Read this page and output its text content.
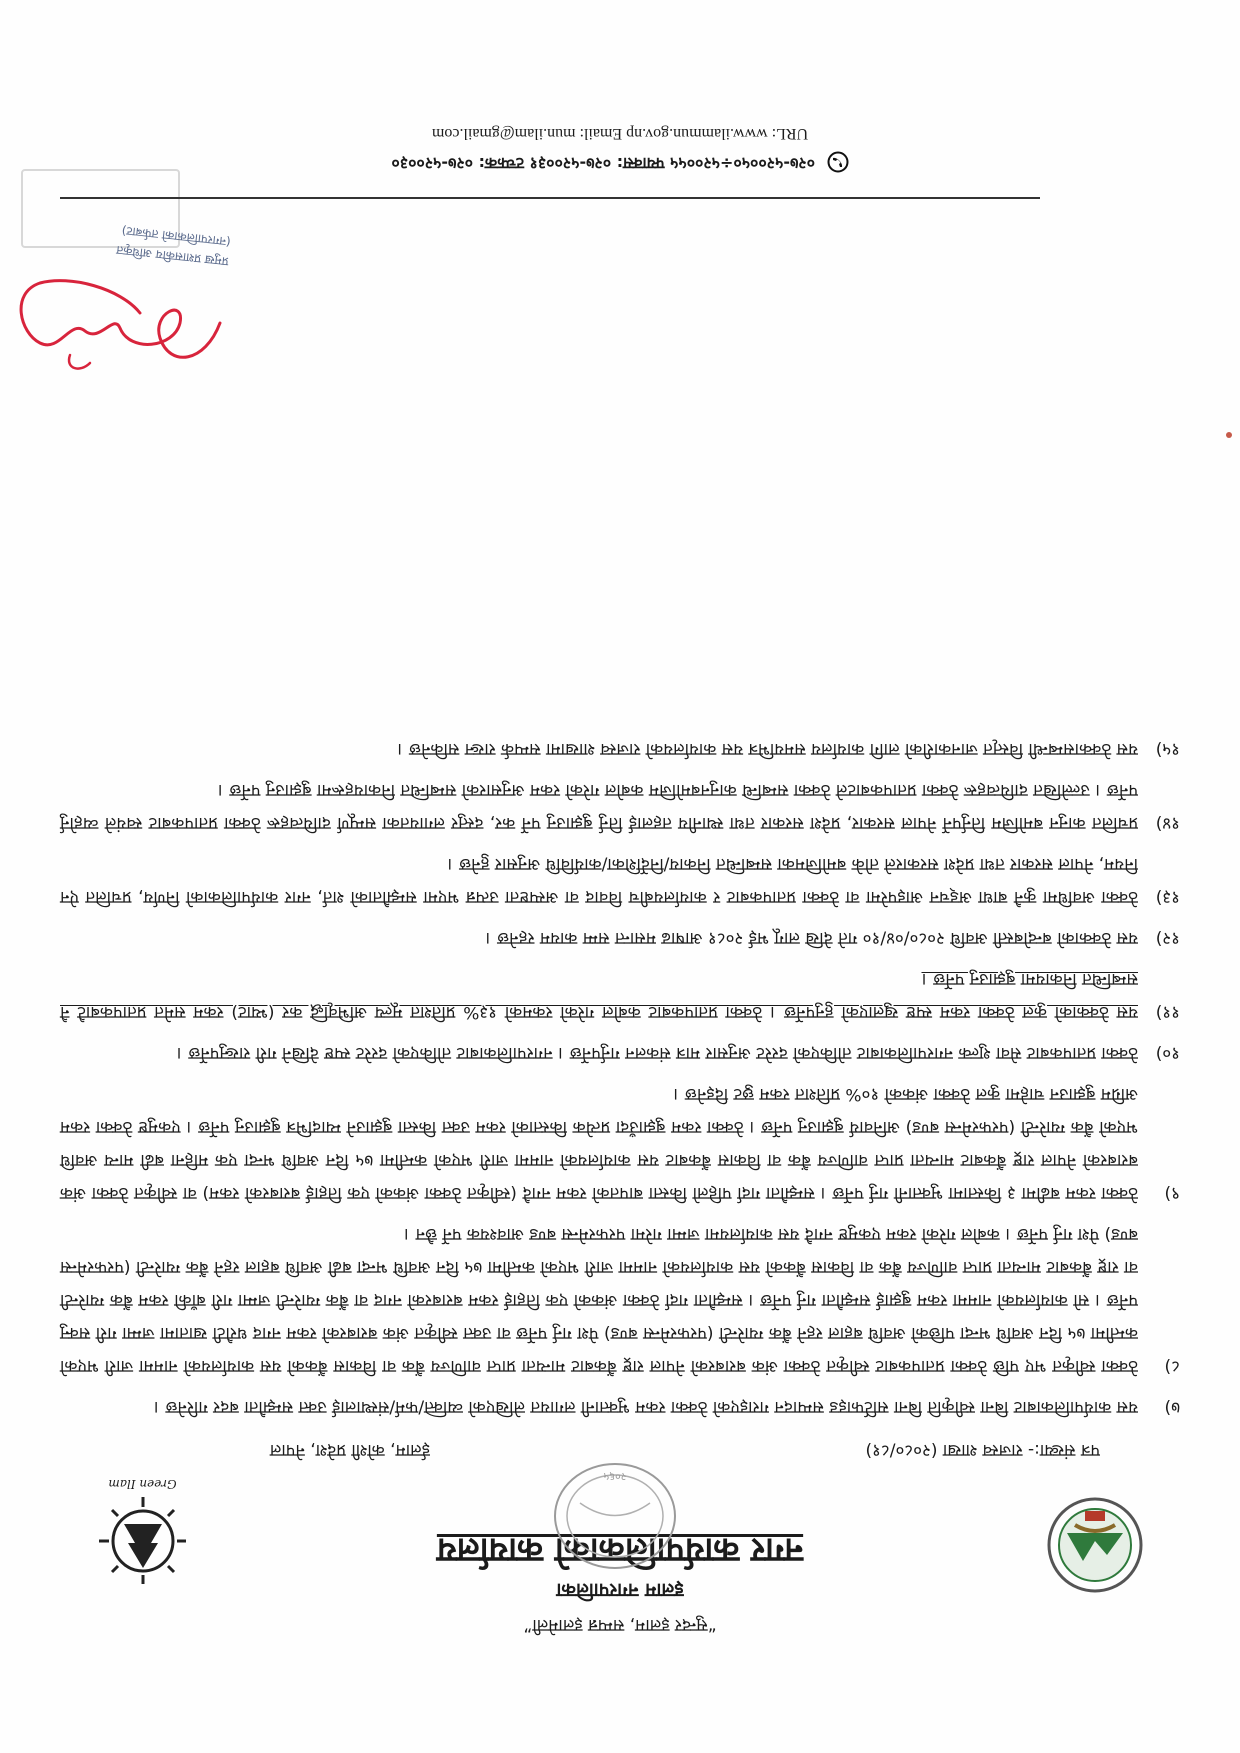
“सुन्दर इलाम, सम्पन्न इलामेली”
इलाम नगरपालिका
नगर कार्यपालिकाको कार्यालय
२०६५
Green Ilam
पत्र संख्या:- राजस्व शाखा (२०८०/८१)
ईलाम, कोशी प्रदेश, नेपाल

७)
यस कार्यपालिकाबाट बिना स्वीकृति बिना सर्टिफाइड सम्पादन गराइएको ठेक्का रकम भुक्तानी लगायत लेखिएको व्यक्ति/फर्म/संस्थालाई उक्त सम्झौता बदर गरिनेछ ।

८)
ठेक्का स्वीकृत भए पछि ठेक्का प्रतापकबाट स्वीकृत ठेक्का अंक बराबरको नेपाल राष्ट्र बैंकबाट मान्यता प्राप्त वाणिज्य बैंक वा विकास बैंकको यस कार्यालयको नाममा जारी भएको कम्तीमा ७५ दिन अवधि भन्दा पछिको अवधि बहाल रहने बैंक ग्यारेन्टी (परफरमेन्स बण्ड) पेश गर्नु पर्नेछ वा उक्त स्वीकृत अंक बराबरको रकम नगद धरौटी खातामा जम्मा गरी सक्नु पर्नेछ । सो कार्यालयको नाममा रकम बुझाई सम्झौता गर्नु पर्नेछ । सम्झौता गर्दा ठेक्का अंकको एक तिहाई रकम बराबरको नगद वा बैंक ग्यारेन्टी जम्मा गरी बाँकी रकम बैंक ग्यारेन्टी वा राष्ट्र बैंकबाट मान्यता प्राप्त वाणिज्य बैंक वा विकास बैंकको यस कार्यालयको नाममा जारी भएको कम्तीमा ७५ दिन अवधि भन्दा बढी अवधि बहाल रहने बैंक ग्यारेन्टी (परफरमेन्स बण्ड) पेश गर्नु पर्नेछ । कबोल गरेको रकम एकमुष्ट नगदै यस कार्यालयमा जम्मा गरेमा परफरमेन्स बण्ड आवश्यक पर्ने छैन ।

९)
ठेक्का रकम बढीमा ३ किस्तामा भुक्तानी गर्नु पर्नेछ । सम्झौता गर्दा पहिलो किस्ता बापतको रकम नगदै (स्वीकृत ठेक्का अंकको एक तिहाई बराबरको रकम) वा स्वीकृत ठेक्का अंक बराबरको नेपाल राष्ट्र बैंकबाट मान्यता प्राप्त वाणिज्य बैंक वा विकास बैंकबाट यस कार्यालयको नाममा जारी भएको कम्तीमा ७५ दिन अवधि भन्दा एक महिना बढी मान्य अवधि भएको बैंक ग्यारेन्टी (परफरमेन्स बण्ड) अनिवार्य बुझाउनु पर्नेछ । ठेक्का रकम बुझाउँदा प्रत्येक किस्ताको रकम उक्त किस्ता बुझाउने म्यादभित्र बुझाउनु पर्नेछ । एकमुष्ट ठेक्का रकम अग्रिम बुझाउन चाहेमा कुल ठेक्का अंकको १०% प्रतिशत रकम छुट दिइनेछ ।

१०)
ठेक्का प्रतापकबाट सेवा शुल्क नगरपालिकाबाट तोकिएको दररेट अनुसार मात्र संकलन गर्नुपर्नेछ । नगरपालिकाबाट तोकिएको दररेट स्पष्ट देखिने गरी राख्नुपर्नेछ ।

११)
यस ठेक्काको कुल ठेक्का रकम स्पष्ट खुलाएको हुनुपर्नेछ । ठेक्का प्रतापकबाट कबोल गरेको रकमको १३% प्रतिशत मूल्य अभिवृद्धि कर (भ्याट) रकम समेत प्रतापकबाटै नै सम्बन्धित निकायमा बुझाउनु पर्नेछ ।

१२)
यस ठेक्काको बन्दोबस्ती अवधि २०८०/०४/१० गते देखि लागू भई २०८१ आषाढ मसान्त सम्म कायम रहनेछ ।

१३)
ठेक्का अवधिमा कुनै बाधा अड्चन आइपरेमा वा ठेक्का प्रतापकबाट र कार्यालयबीच विवाद वा अस्पष्टता उत्पन्न भएमा सम्झौताको शर्त, नगर कार्यपालिकाको निर्णय, प्रचलित ऐन नियम, नेपाल सरकार तथा प्रदेश सरकारले तोके बमोजिमका सम्बन्धित निकाय/निर्देशिका/कार्यविधि अनुसार हुनेछ ।

१४)
प्रचलित कानुन बमोजिम तिर्नुपर्ने नेपाल सरकार, प्रदेश सरकार तथा स्थानीय तहलाई तिर्नु बुझाउनु पर्ने कर, दस्तुर लगायतका सम्पूर्ण दायित्वहरू ठेक्का प्रतापकबाट स्वयंले व्यहोर्नु पर्नेछ । उल्लेखित दायित्वहरू ठेक्का प्रतापकबाटले ठेक्का सम्बन्धि कानुनबमोजिम कबोल गरेको रकम अनुसारको सम्बन्धित निकायहरूमा बुझाउनु पर्नेछ ।

१५)
यस ठेक्कासम्बन्धी विस्तृत जानकारीको लागि कार्यालय समयभित्र यस कार्यालयको राजस्व शाखामा सम्पर्क राख्न सकिनेछ ।

प्रमुख प्रशासकीय अधिकृत
(नगरपालिकाको तर्फबाट)
०२७-५२००५०÷५२००५५ फ्याक्स: ०२७-५२००३१ टच्फक: ०२७-५२००३०
URL: www.ilammun.gov.np Email: mun.ilam@gmail.com
